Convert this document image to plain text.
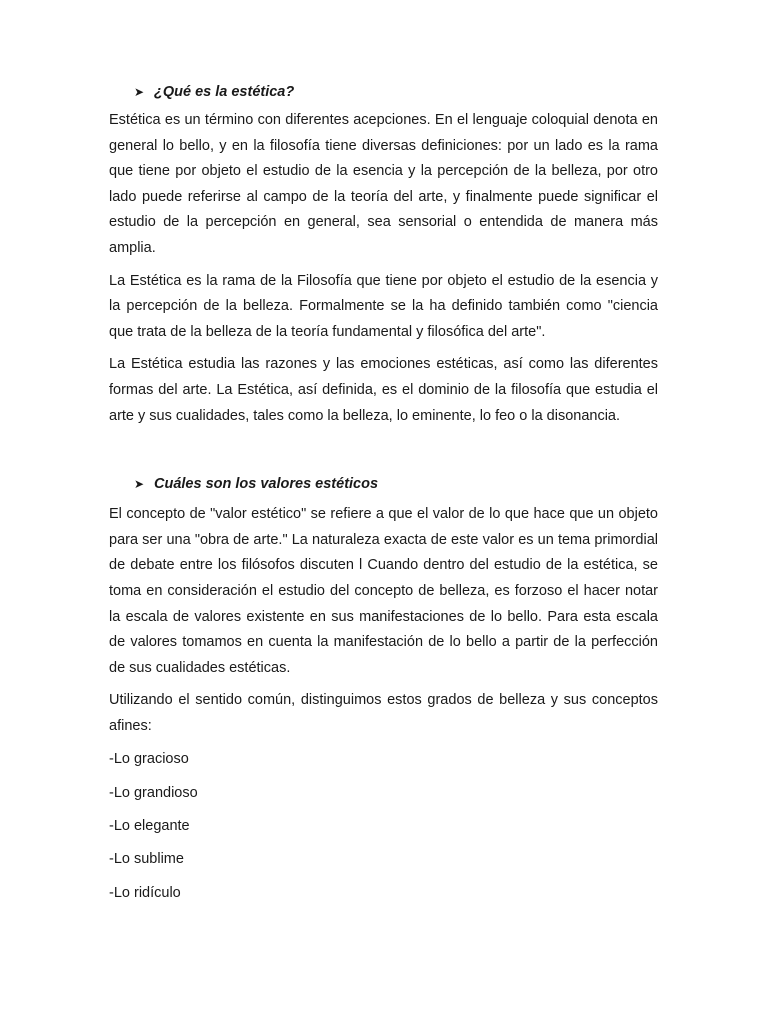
➤ ¿Qué es la estética?

Estética es un término con diferentes acepciones. En el lenguaje coloquial denota en general lo bello, y en la filosofía tiene diversas definiciones: por un lado es la rama que tiene por objeto el estudio de la esencia y la percepción de la belleza, por otro lado puede referirse al campo de la teoría del arte, y finalmente puede significar el estudio de la percepción en general, sea sensorial o entendida de manera más amplia.

La Estética es la rama de la Filosofía que tiene por objeto el estudio de la esencia y la percepción de la belleza. Formalmente se la ha definido también como "ciencia que trata de la belleza de la teoría fundamental y filosófica del arte".

La Estética estudia las razones y las emociones estéticas, así como las diferentes formas del arte. La Estética, así definida, es el dominio de la filosofía que estudia el arte y sus cualidades, tales como la belleza, lo eminente, lo feo o la disonancia.

➤ Cuáles son los valores estéticos

El concepto de "valor estético" se refiere a que el valor de lo que hace que un objeto para ser una "obra de arte." La naturaleza exacta de este valor es un tema primordial de debate entre los filósofos discuten l Cuando dentro del estudio de la estética, se toma en consideración el estudio del concepto de belleza, es forzoso el hacer notar la escala de valores existente en sus manifestaciones de lo bello. Para esta escala de valores tomamos en cuenta la manifestación de lo bello a partir de la perfección de sus cualidades estéticas.

Utilizando el sentido común, distinguimos estos grados de belleza y sus conceptos afines:

-Lo gracioso
-Lo grandioso
-Lo elegante
-Lo sublime
-Lo ridículo
